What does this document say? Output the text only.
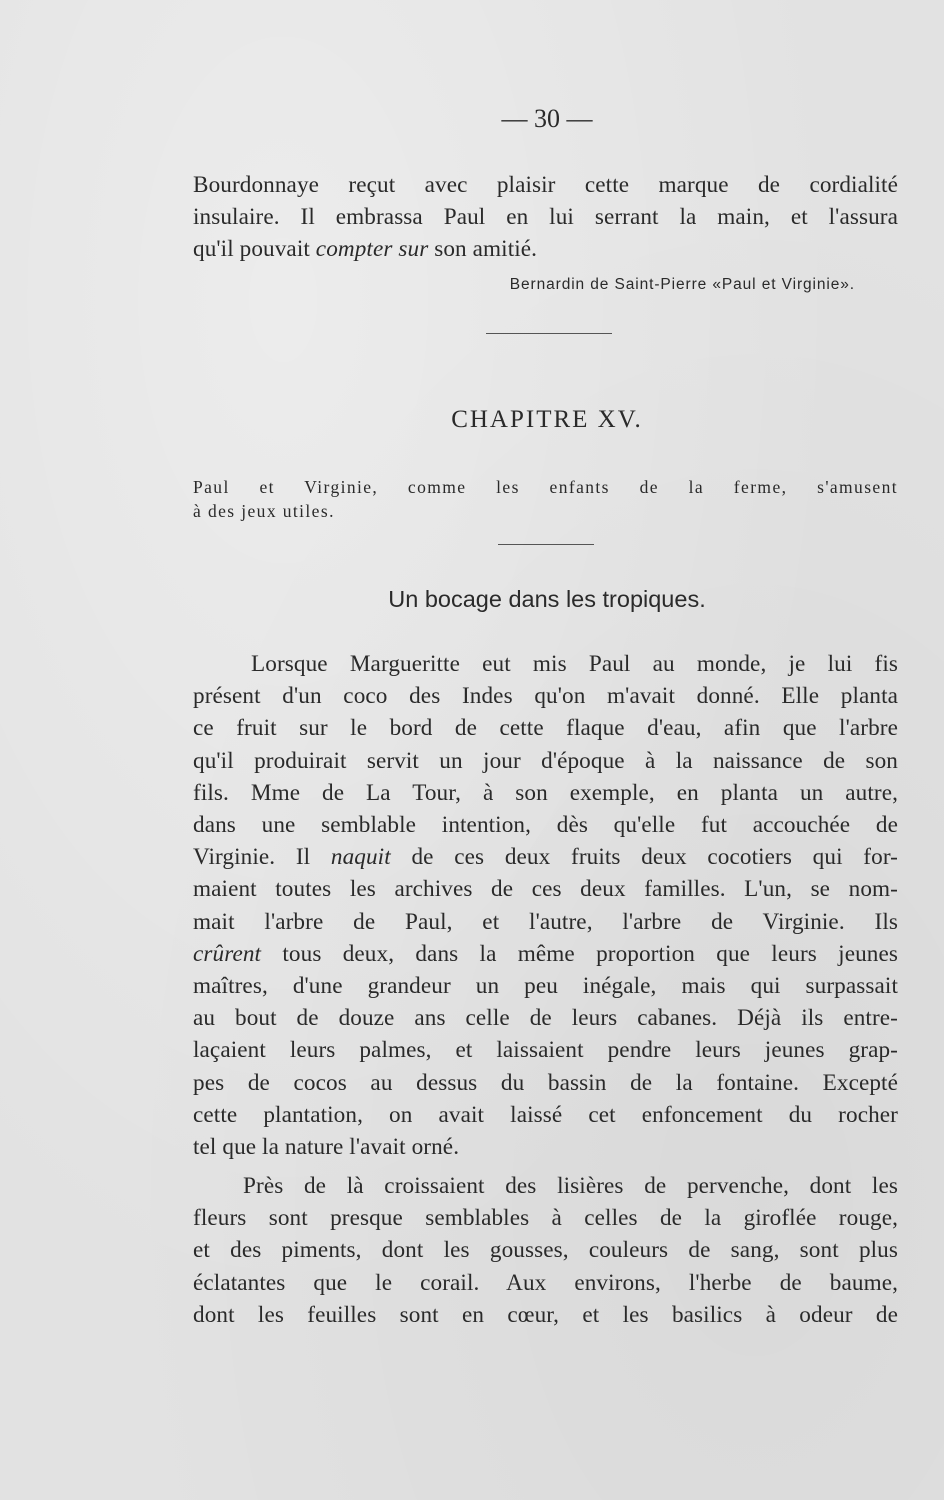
— 30 —

Bourdonnaye reçut avec plaisir cette marque de cordialité
insulaire. Il embrassa Paul en lui serrant la main, et l'assura
qu'il pouvait compter sur son amitié.

Bernardin de Saint-Pierre «Paul et Virginie».
CHAPITRE XV.

Paul et Virginie, comme les enfants de la ferme, s'amusent
à des jeux utiles.

Un bocage dans les tropiques.

Lorsque Margueritte eut mis Paul au monde, je lui fis
présent d'un coco des Indes qu'on m'avait donné. Elle planta
ce fruit sur le bord de cette flaque d'eau, afin que l'arbre
qu'il produirait servit un jour d'époque à la naissance de son
fils. Mme de La Tour, à son exemple, en planta un autre,
dans une semblable intention, dès qu'elle fut accouchée de
Virginie. Il naquit de ces deux fruits deux cocotiers qui for-
maient toutes les archives de ces deux familles. L'un, se nom-
mait l'arbre de Paul, et l'autre, l'arbre de Virginie. Ils
crûrent tous deux, dans la même proportion que leurs jeunes
maîtres, d'une grandeur un peu inégale, mais qui surpassait
au bout de douze ans celle de leurs cabanes. Déjà ils entre-
laçaient leurs palmes, et laissaient pendre leurs jeunes grap-
pes de cocos au dessus du bassin de la fontaine. Excepté
cette plantation, on avait laissé cet enfoncement du rocher
tel que la nature l'avait orné.

Près de là croissaient des lisières de pervenche, dont les
fleurs sont presque semblables à celles de la giroflée rouge,
et des piments, dont les gousses, couleurs de sang, sont plus
éclatantes que le corail. Aux environs, l'herbe de baume,
dont les feuilles sont en cœur, et les basilics à odeur de
